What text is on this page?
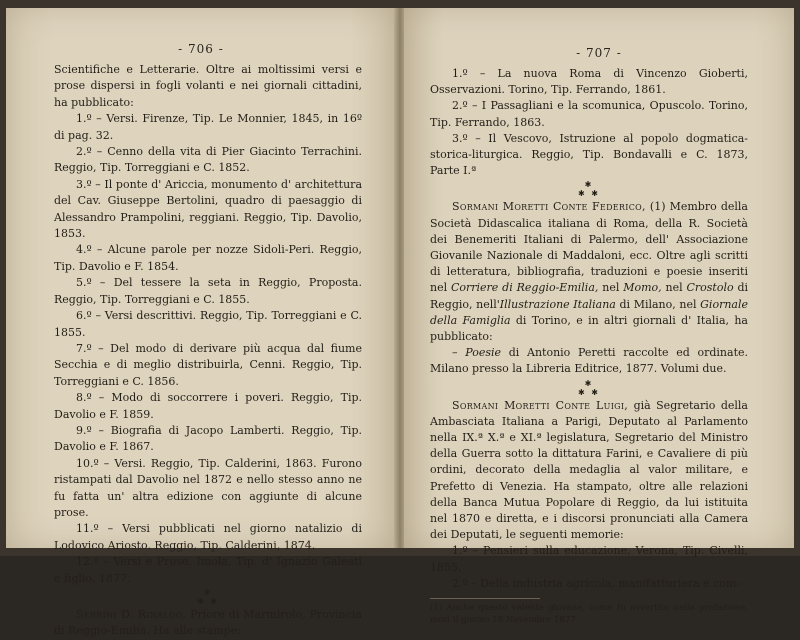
- 706 -

Scientifiche e Letterarie. Oltre ai moltissimi versi e prose dispersi in fogli volanti e nei giornali cittadini, ha pubblicato:

1.º – Versi. Firenze, Tip. Le Monnier, 1845, in 16º di pag. 32.

2.º – Cenno della vita di Pier Giacinto Terrachini. Reggio, Tip. Torreggiani e C. 1852.

3.º – Il ponte d' Ariccia, monumento d' architettura del Cav. Giuseppe Bertolini, quadro di paesaggio di Alessandro Prampolini, reggiani. Reggio, Tip. Davolio, 1853.

4.º – Alcune parole per nozze Sidoli-Peri. Reggio, Tip. Davolio e F. 1854.

5.º – Del tessere la seta in Reggio, Proposta. Reggio, Tip. Torreggiani e C. 1855.

6.º – Versi descrittivi. Reggio, Tip. Torreggiani e C. 1855.

7.º – Del modo di derivare più acqua dal fiume Secchia e di meglio distribuirla, Cenni. Reggio, Tip. Torreggiani e C. 1856.

8.º – Modo di soccorrere i poveri. Reggio, Tip. Davolio e F. 1859.

9.º – Biografia di Jacopo Lamberti. Reggio, Tip. Davolio e F. 1867.

10.º – Versi. Reggio, Tip. Calderini, 1863. Furono ristampati dal Davolio nel 1872 e nello stesso anno ne fu fatta un' altra edizione con aggiunte di alcune prose.

11.º – Versi pubblicati nel giorno natalizio di Lodovico Ariosto. Reggio, Tip. Calderini, 1874.

12.º – Versi e Prose. Imola, Tip. d' Ignazio Galeati e figlio, 1877.

✱
✱ ✱

Serrini D. Rinaldo, Priore di Marmirolo, Provincia di Reggio-Emilia. Ha alle stampe:

- 707 -

1.º – La nuova Roma di Vincenzo Gioberti, Osservazioni. Torino, Tip. Ferrando, 1861.

2.º – I Passagliani e la scomunica, Opuscolo. Torino, Tip. Ferrando, 1863.

3.º – Il Vescovo, Istruzione al popolo dogmatica-storica-liturgica. Reggio, Tip. Bondavalli e C. 1873, Parte I.ª

✱
✱ ✱

Sormani Moretti Conte Federico, (1) Membro della Società Didascalica italiana di Roma, della R. Società dei Benemeriti Italiani di Palermo, dell' Associazione Giovanile Nazionale di Maddaloni, ecc. Oltre agli scritti di letteratura, bibliografia, traduzioni e poesie inseriti nel Corriere di Reggio-Emilia, nel Momo, nel Crostolo di Reggio, nell'Illustrazione Italiana di Milano, nel Giornale della Famiglia di Torino, e in altri giornali d' Italia, ha pubblicato:

– Poesie di Antonio Peretti raccolte ed ordinate. Milano presso la Libreria Editrice, 1877. Volumi due.

✱
✱ ✱

Sormani Moretti Conte Luigi, già Segretario della Ambasciata Italiana a Parigi, Deputato al Parlamento nella IX.ª X.ª e XI.ª legislatura, Segretario del Ministro della Guerra sotto la dittatura Farini, e Cavaliere di più ordini, decorato della medaglia al valor militare, e Prefetto di Venezia. Ha stampato, oltre alle relazioni della Banca Mutua Popolare di Reggio, da lui istituita nel 1870 e diretta, e i discorsi pronunciati alla Camera dei Deputati, le seguenti memorie:

1.º – Pensieri sulla educazione, Verona, Tip. Civelli, 1855.

2.º – Della industria agricola, manifatturiera e com-

(1) Anche questo valente giovane, come fu avvertito nella prefazione, morì il giorno 18 Novembre 1877.
